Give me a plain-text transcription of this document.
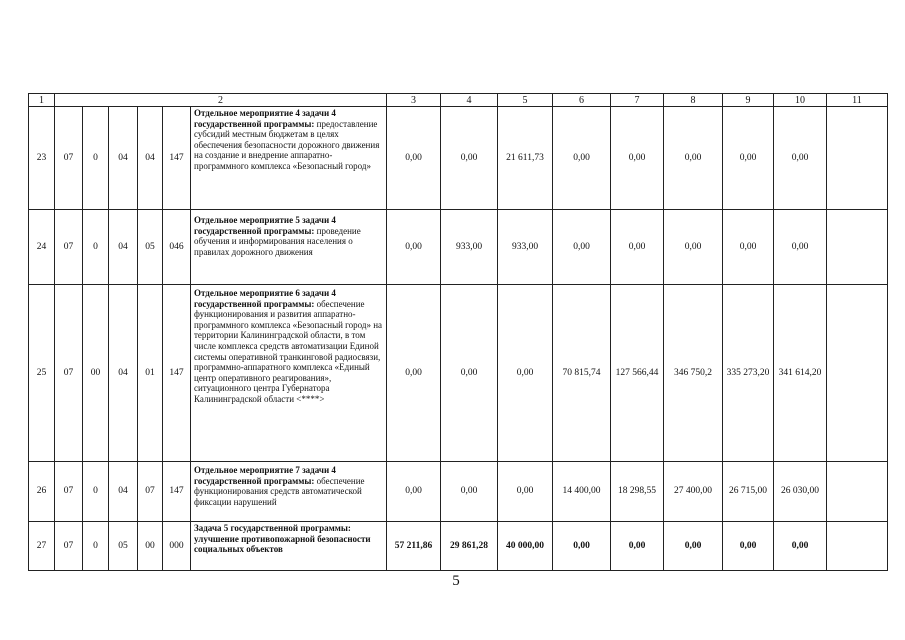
1	2						3	4	5	6	7	8	9	10	11	
23	07	0	04	04	147	Отдельное мероприятие 4 задачи 4 государственной программы: предоставление субсидий местным бюджетам в целях обеспечения безопасности дорожного движения на создание и внедрение аппаратно-программного комплекса «Безопасный город»	0,00	0,00	21 611,73	0,00	0,00	0,00	0,00	0,00		
24	07	0	04	05	046	Отдельное мероприятие 5 задачи 4 государственной программы: проведение обучения и информирования населения о правилах дорожного движения	0,00	933,00	933,00	0,00	0,00	0,00	0,00	0,00		
25	07	00	04	01	147	Отдельное мероприятие 6 задачи 4 государственной программы: обеспечение функционирования и развития аппаратно-программного комплекса «Безопасный город» на территории Калининградской области, в том числе комплекса средств автоматизации Единой системы оперативной транкинговой радиосвязи, программно-аппаратного комплекса «Единый центр оперативного реагирования», ситуационного центра Губернатора Калининградской области <****>	0,00	0,00	0,00	70 815,74	127 566,44	346 750,2	335 273,20	341 614,20		
26	07	0	04	07	147	Отдельное мероприятие 7 задачи 4 государственной программы: обеспечение функционирования средств автоматической фиксации нарушений	0,00	0,00	0,00	14 400,00	18 298,55	27 400,00	26 715,00	26 030,00		
27	07	0	05	00	000	Задача 5 государственной программы: улучшение противопожарной безопасности социальных объектов	57 211,86	29 861,28	40 000,00	0,00	0,00	0,00	0,00	0,00		
5
